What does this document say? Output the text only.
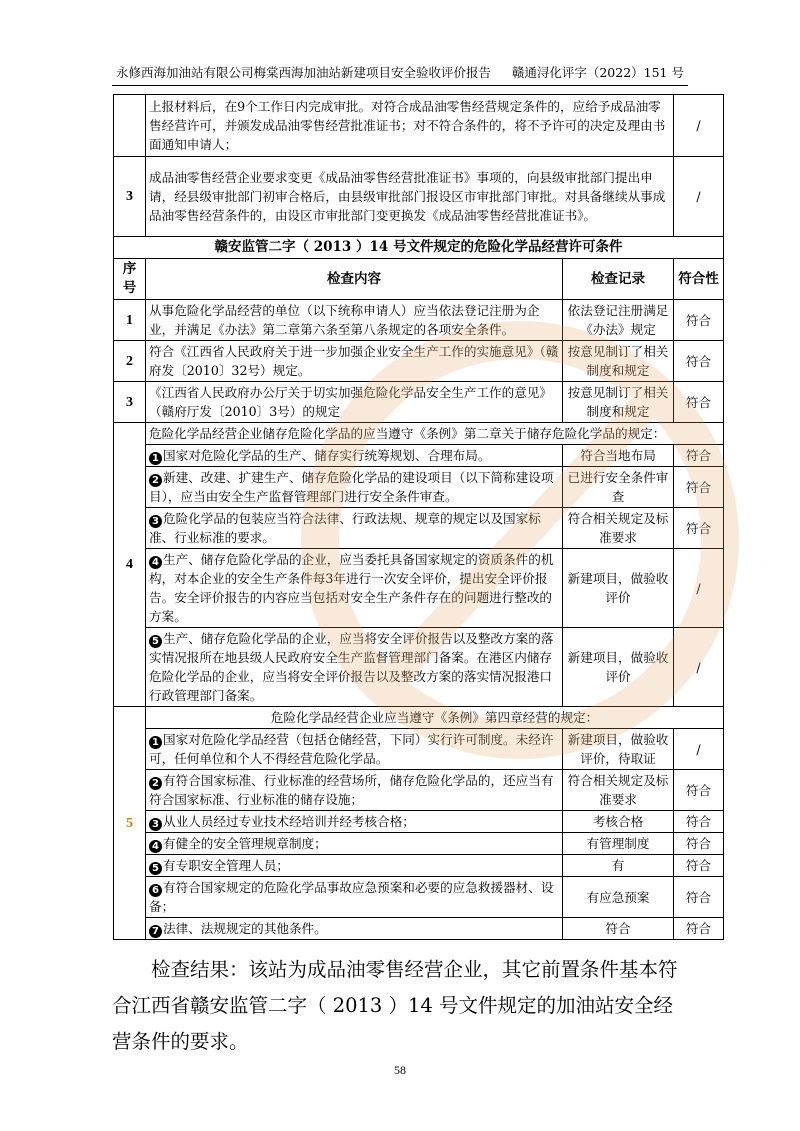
永修西海加油站有限公司梅棠西海加油站新建项目安全验收评价报告 赣通浔化评字（2022）151 号
	上报材料后，在9个工作日内完成审批。对符合成品油零售经营规定条件的，应给予成品油零售经营许可，并颁发成品油零售经营批准证书；对不符合条件的，将不予许可的决定及理由书面通知申请人；		/
3	成品油零售经营企业要求变更《成品油零售经营批准证书》事项的，向县级审批部门提出申请，经县级审批部门初审合格后，由县级审批部门报设区市审批部门审批。对具备继续从事成品油零售经营条件的，由设区市审批部门变更换发《成品油零售经营批准证书》。		/
赣安监管二字（ 2013 ）14 号文件规定的危险化学品经营许可条件			
序号	检查内容	检查记录	符合性
1	从事危险化学品经营的单位（以下统称申请人）应当依法登记注册为企业，并满足《办法》第二章第六条至第八条规定的各项安全条件。	依法登记注册满足《办法》规定	符合
2	符合《江西省人民政府关于进一步加强企业安全生产工作的实施意见》（赣府发〔2010〕32号）规定。	按意见制订了相关制度和规定	符合
3	《江西省人民政府办公厅关于切实加强危险化学品安全生产工作的意见》（赣府厅发〔2010〕3号）的规定	按意见制订了相关制度和规定	符合
4	危险化学品经营企业储存危险化学品的应当遵守《条例》第二章关于储存危险化学品的规定：		
	1 国家对危险化学品的生产、储存实行统筹规划、合理布局。	符合当地布局	符合
	2 新建、改建、扩建生产、储存危险化学品的建设项目（以下简称建设项目），应当由安全生产监督管理部门进行安全条件审查。	已进行安全条件审查	符合
	3 危险化学品的包装应当符合法律、行政法规、规章的规定以及国家标准、行业标准的要求。	符合相关规定及标准要求	符合
	4 生产、储存危险化学品的企业，应当委托具备国家规定的资质条件的机构，对本企业的安全生产条件每3年进行一次安全评价，提出安全评价报告。安全评价报告的内容应当包括对安全生产条件存在的问题进行整改的方案。	新建项目，做验收评价	/
	5 生产、储存危险化学品的企业，应当将安全评价报告以及整改方案的落实情况报所在地县级人民政府安全生产监督管理部门备案。在港区内储存危险化学品的企业，应当将安全评价报告以及整改方案的落实情况报港口行政管理部门备案。	新建项目，做验收评价	/
5	危险化学品经营企业应当遵守《条例》第四章经营的规定：		
	1 国家对危险化学品经营（包括仓储经营，下同）实行许可制度。未经许可，任何单位和个人不得经营危险化学品。	新建项目，做验收评价，待取证	/
	2 有符合国家标准、行业标准的经营场所，储存危险化学品的，还应当有符合国家标准、行业标准的储存设施；	符合相关规定及标准要求	符合
	3 从业人员经过专业技术经培训并经考核合格；	考核合格	符合
	4 有健全的安全管理规章制度；	有管理制度	符合
	5 有专职安全管理人员；	有	符合
	6 有符合国家规定的危险化学品事故应急预案和必要的应急救援器材、设备；	有应急预案	符合
	7 法律、法规规定的其他条件。	符合	符合

检查结果：该站为成品油零售经营企业，其它前置条件基本符合江西省赣安监管二字（ 2013 ）14 号文件规定的加油站安全经营条件的要求。

58
